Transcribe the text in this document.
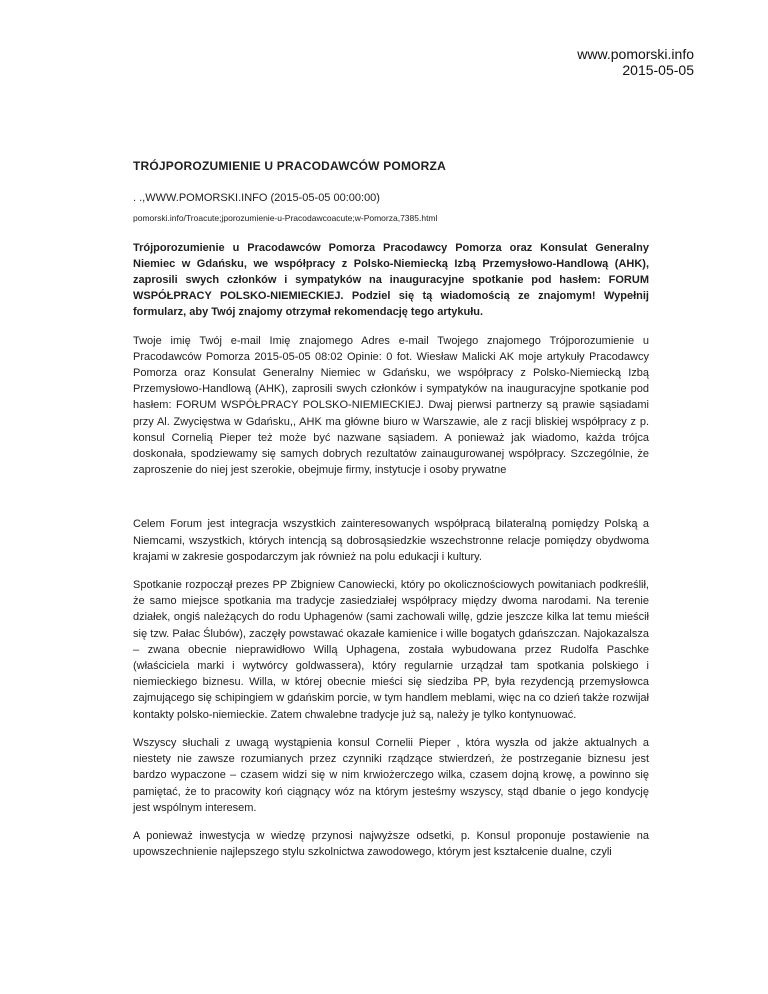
www.pomorski.info
2015-05-05
TRÓJPOROZUMIENIE U PRACODAWCÓW POMORZA
. .,WWW.POMORSKI.INFO (2015-05-05 00:00:00)
pomorski.info/Troacute;jporozumienie-u-Pracodawcoacute;w-Pomorza,7385.html

Trójporozumienie u Pracodawców Pomorza Pracodawcy Pomorza oraz Konsulat Generalny Niemiec w Gdańsku, we współpracy z Polsko-Niemiecką Izbą Przemysłowo-Handlową (AHK), zaprosili swych członków i sympatyków na inauguracyjne spotkanie pod hasłem: FORUM WSPÓŁPRACY POLSKO-NIEMIECKIEJ. Podziel się tą wiadomością ze znajomym! Wypełnij formularz, aby Twój znajomy otrzymał rekomendację tego artykułu.

Twoje imię Twój e-mail Imię znajomego Adres e-mail Twojego znajomego Trójporozumienie u Pracodawców Pomorza 2015-05-05 08:02 Opinie: 0 fot. Wiesław Malicki AK moje artykuły Pracodawcy Pomorza oraz Konsulat Generalny Niemiec w Gdańsku, we współpracy z Polsko-Niemiecką Izbą Przemysłowo-Handlową (AHK), zaprosili swych członków i sympatyków na inauguracyjne spotkanie pod hasłem: FORUM WSPÓŁPRACY POLSKO-NIEMIECKIEJ. Dwaj pierwsi partnerzy są prawie sąsiadami przy Al. Zwycięstwa w Gdańsku,, AHK ma główne biuro w Warszawie, ale z racji bliskiej współpracy z p. konsul Cornelią Pieper też może być nazwane sąsiadem. A ponieważ jak wiadomo, każda trójca doskonała, spodziewamy się samych dobrych rezultatów zainaugurowanej współpracy. Szczególnie, że zaproszenie do niej jest szerokie, obejmuje firmy, instytucje i osoby prywatne

Celem Forum jest integracja wszystkich zainteresowanych współpracą bilateralną pomiędzy Polską a Niemcami, wszystkich, których intencją są dobrosąsiedzkie wszechstronne relacje pomiędzy obydwoma krajami w zakresie gospodarczym jak również na polu edukacji i kultury.

Spotkanie rozpoczął prezes PP Zbigniew Canowiecki, który po okolicznościowych powitaniach podkreślił, że samo miejsce spotkania ma tradycje zasiedziałej współpracy między dwoma narodami. Na terenie działek, ongiś należących do rodu Uphagenów (sami zachowali willę, gdzie jeszcze kilka lat temu mieścił się tzw. Pałac Ślubów), zaczęły powstawać okazałe kamienice i wille bogatych gdańszczan. Najokazalsza – zwana obecnie nieprawidłowo Willą Uphagena, została wybudowana przez Rudolfa Paschke (właściciela marki i wytwórcy goldwassera), który regularnie urządzał tam spotkania polskiego i niemieckiego biznesu. Willa, w której obecnie mieści się siedziba PP, była rezydencją przemysłowca zajmującego się schipingiem w gdańskim porcie, w tym handlem meblami, więc na co dzień także rozwijał kontakty polsko-niemieckie. Zatem chwalebne tradycje już są, należy je tylko kontynuować.

Wszyscy słuchali z uwagą wystąpienia konsul Cornelii Pieper , która wyszła od jakże aktualnych a niestety nie zawsze rozumianych przez czynniki rządzące stwierdzeń, że postrzeganie biznesu jest bardzo wypaczone – czasem widzi się w nim krwiożerczego wilka, czasem dojną krowę, a powinno się pamiętać, że to pracowity koń ciągnący wóz na którym jesteśmy wszyscy, stąd dbanie o jego kondycję jest wspólnym interesem.

A ponieważ inwestycja w wiedzę przynosi najwyższe odsetki, p. Konsul proponuje postawienie na upowszechnienie najlepszego stylu szkolnictwa zawodowego, którym jest kształcenie dualne, czyli
